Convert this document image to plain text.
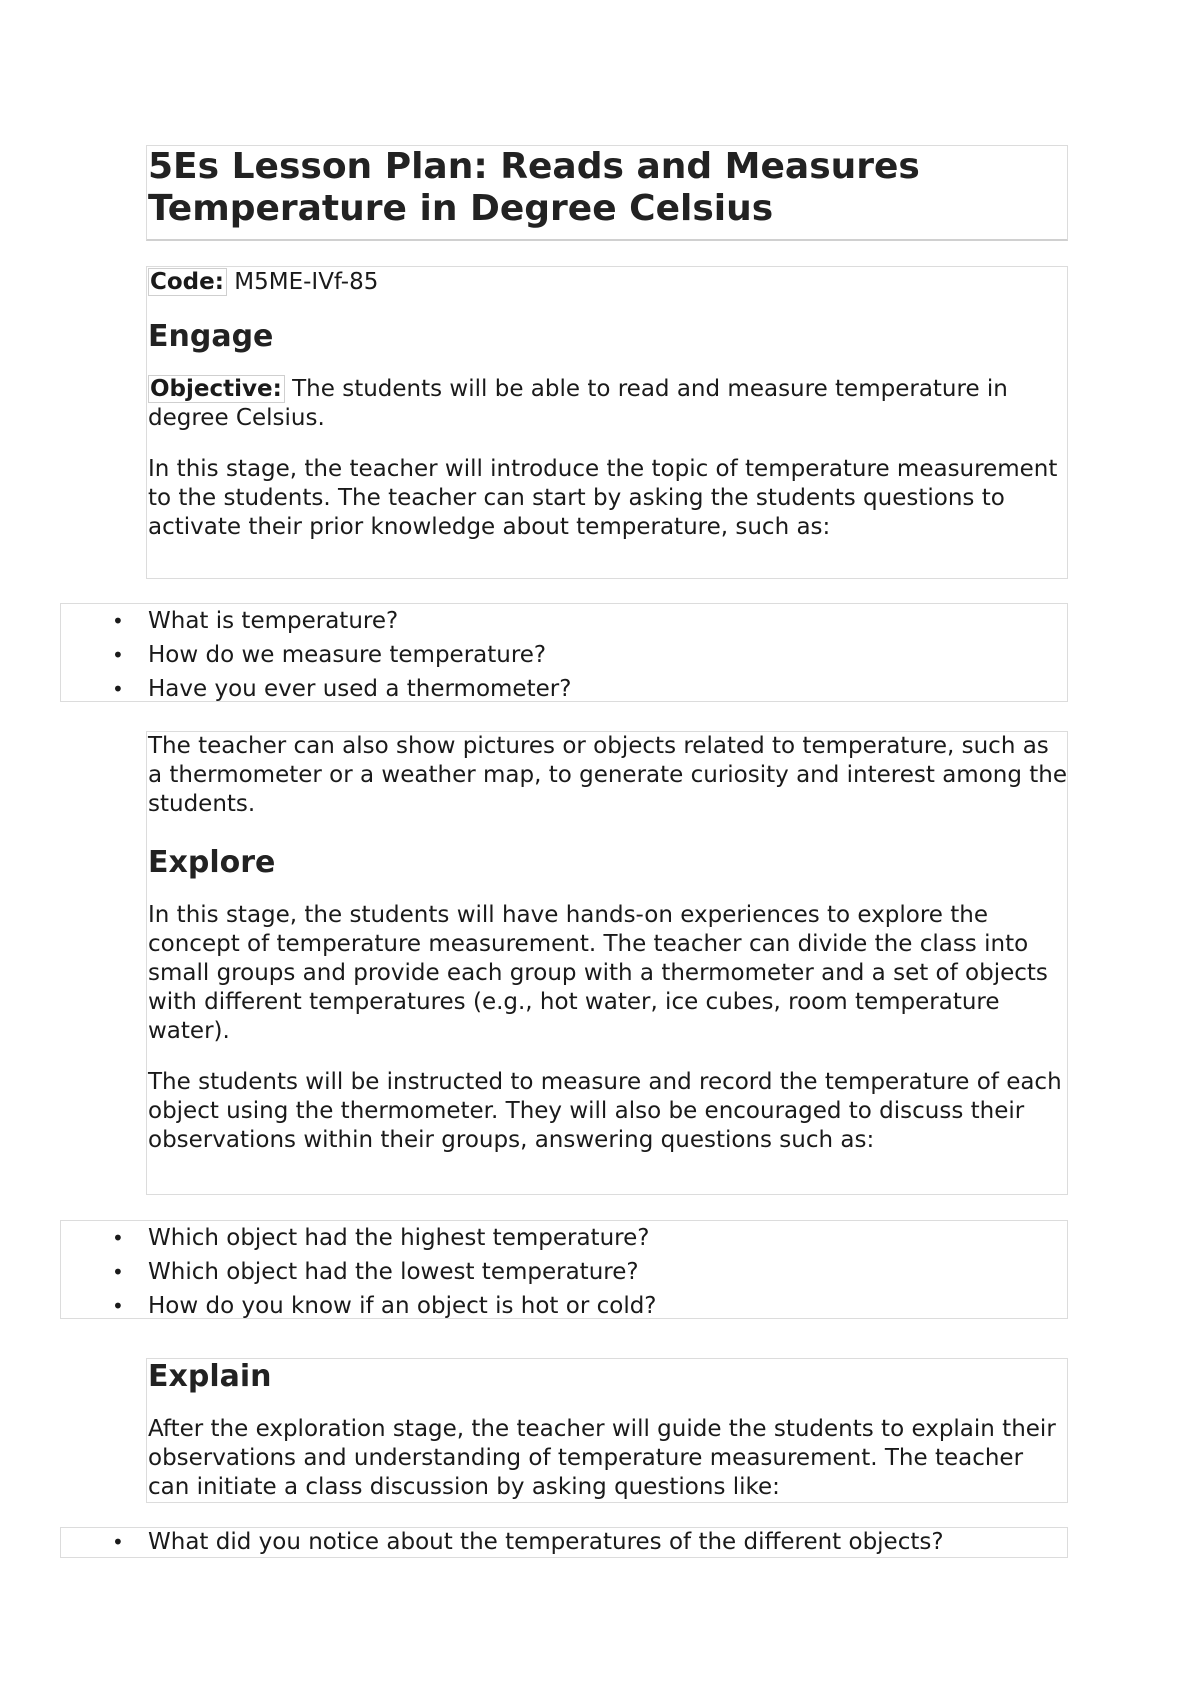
5Es Lesson Plan: Reads and Measures Temperature in Degree Celsius

Code: M5ME-IVf-85

Engage

Objective: The students will be able to read and measure temperature in degree Celsius.

In this stage, the teacher will introduce the topic of temperature measurement to the students. The teacher can start by asking the students questions to activate their prior knowledge about temperature, such as:

• What is temperature?
• How do we measure temperature?
• Have you ever used a thermometer?

The teacher can also show pictures or objects related to temperature, such as a thermometer or a weather map, to generate curiosity and interest among the students.

Explore

In this stage, the students will have hands-on experiences to explore the concept of temperature measurement. The teacher can divide the class into small groups and provide each group with a thermometer and a set of objects with different temperatures (e.g., hot water, ice cubes, room temperature water).

The students will be instructed to measure and record the temperature of each object using the thermometer. They will also be encouraged to discuss their observations within their groups, answering questions such as:

• Which object had the highest temperature?
• Which object had the lowest temperature?
• How do you know if an object is hot or cold?
Explain

After the exploration stage, the teacher will guide the students to explain their observations and understanding of temperature measurement. The teacher can initiate a class discussion by asking questions like:

• What did you notice about the temperatures of the different objects?
